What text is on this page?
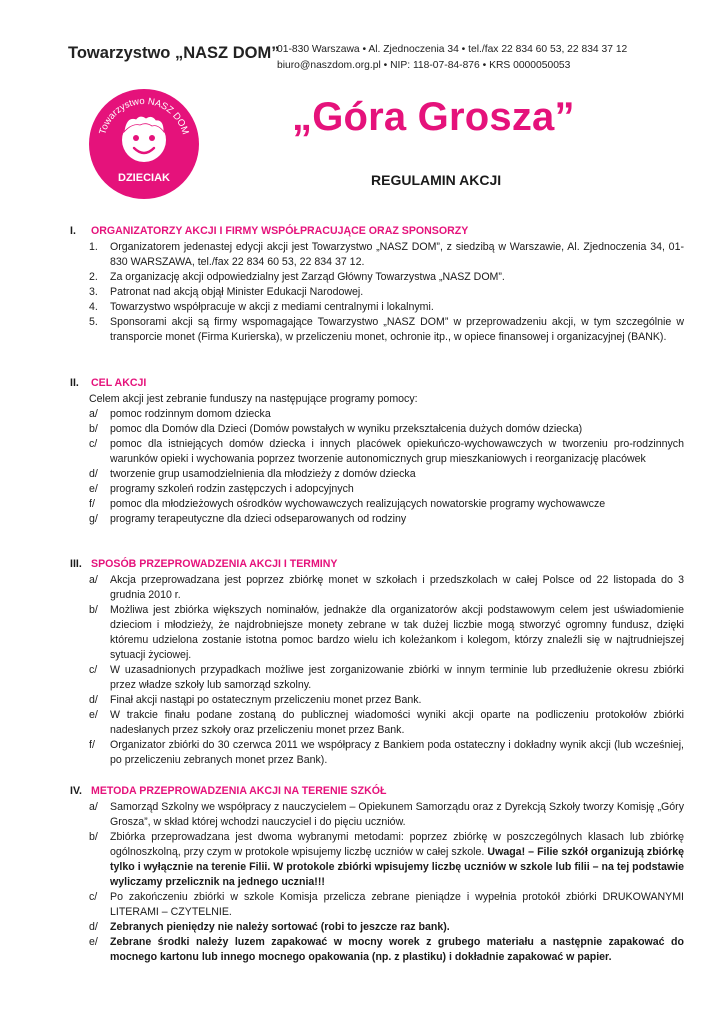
Towarzystwo „NASZ DOM”
01-830 Warszawa • Al. Zjednoczenia 34 • tel./fax 22 834 60 53, 22 834 37 12
biuro@naszdom.org.pl • NIP: 118-07-84-876 • KRS 0000050053
Towarzystwo NASZ DOM
DZIECIAK
„Góra Grosza”
REGULAMIN AKCJI
I. ORGANIZATORZY AKCJI I FIRMY WSPÓŁPRACUJĄCE ORAZ SPONSORZY
1. Organizatorem jedenastej edycji akcji jest Towarzystwo „NASZ DOM”, z siedzibą w Warszawie, Al. Zjednoczenia 34, 01-830 WARSZAWA, tel./fax 22 834 60 53, 22 834 37 12.
2. Za organizację akcji odpowiedzialny jest Zarząd Główny Towarzystwa „NASZ DOM”.
3. Patronat nad akcją objął Minister Edukacji Narodowej.
4. Towarzystwo współpracuje w akcji z mediami centralnymi i lokalnymi.
5. Sponsorami akcji są firmy wspomagające Towarzystwo „NASZ DOM” w przeprowadzeniu akcji, w tym szczególnie w transporcie monet (Firma Kurierska), w przeliczeniu monet, ochronie itp., w opiece finansowej i organizacyjnej (BANK).
II. CEL AKCJI
Celem akcji jest zebranie funduszy na następujące programy pomocy:
a/ pomoc rodzinnym domom dziecka
b/ pomoc dla Domów dla Dzieci (Domów powstałych w wyniku przekształcenia dużych domów dziecka)
c/ pomoc dla istniejących domów dziecka i innych placówek opiekuńczo-wychowawczych w tworzeniu pro-rodzinnych warunków opieki i wychowania poprzez tworzenie autonomicznych grup mieszkaniowych i reorganizację placówek
d/ tworzenie grup usamodzielnienia dla młodzieży z domów dziecka
e/ programy szkoleń rodzin zastępczych i adopcyjnych
f/ pomoc dla młodzieżowych ośrodków wychowawczych realizujących nowatorskie programy wychowawcze
g/ programy terapeutyczne dla dzieci odseparowanych od rodziny
III. SPOSÓB PRZEPROWADZENIA AKCJI I TERMINY
a/ Akcja przeprowadzana jest poprzez zbiórkę monet w szkołach i przedszkolach w całej Polsce od 22 listopada do 3 grudnia 2010 r.
b/ Możliwa jest zbiórka większych nominałów, jednakże dla organizatorów akcji podstawowym celem jest uświadomienie dzieciom i młodzieży, że najdrobniejsze monety zebrane w tak dużej liczbie mogą stworzyć ogromny fundusz, dzięki któremu udzielona zostanie istotna pomoc bardzo wielu ich koleżankom i kolegom, którzy znaleźli się w najtrudniejszej sytuacji życiowej.
c/ W uzasadnionych przypadkach możliwe jest zorganizowanie zbiórki w innym terminie lub przedłużenie okresu zbiórki przez władze szkoły lub samorząd szkolny.
d/ Finał akcji nastąpi po ostatecznym przeliczeniu monet przez Bank.
e/ W trakcie finału podane zostaną do publicznej wiadomości wyniki akcji oparte na podliczeniu protokołów zbiórki nadesłanych przez szkoły oraz przeliczeniu monet przez Bank.
f/ Organizator zbiórki do 30 czerwca 2011 we współpracy z Bankiem poda ostateczny i dokładny wynik akcji (lub wcześniej, po przeliczeniu zebranych monet przez Bank).
IV. METODA PRZEPROWADZENIA AKCJI NA TERENIE SZKÓŁ
a/ Samorząd Szkolny we współpracy z nauczycielem – Opiekunem Samorządu oraz z Dyrekcją Szkoły tworzy Komisję „Góry Grosza”, w skład której wchodzi nauczyciel i do pięciu uczniów.
b/ Zbiórka przeprowadzana jest dwoma wybranymi metodami: poprzez zbiórkę w poszczególnych klasach lub zbiórkę ogólnoszkolną, przy czym w protokole wpisujemy liczbę uczniów w całej szkole. Uwaga! – Filie szkół organizują zbiórkę tylko i wyłącznie na terenie Filii. W protokole zbiórki wpisujemy liczbę uczniów w szkole lub filii – na tej podstawie wyliczamy przelicznik na jednego ucznia!!!
c/ Po zakończeniu zbiórki w szkole Komisja przelicza zebrane pieniądze i wypełnia protokół zbiórki DRUKOWANYMI LITERAMI – CZYTELNIE.
d/ Zebranych pieniędzy nie należy sortować (robi to jeszcze raz bank).
e/ Zebrane środki należy luzem zapakować w mocny worek z grubego materiału a następnie zapakować do mocnego kartonu lub innego mocnego opakowania (np. z plastiku) i dokładnie zapakować w papier.
